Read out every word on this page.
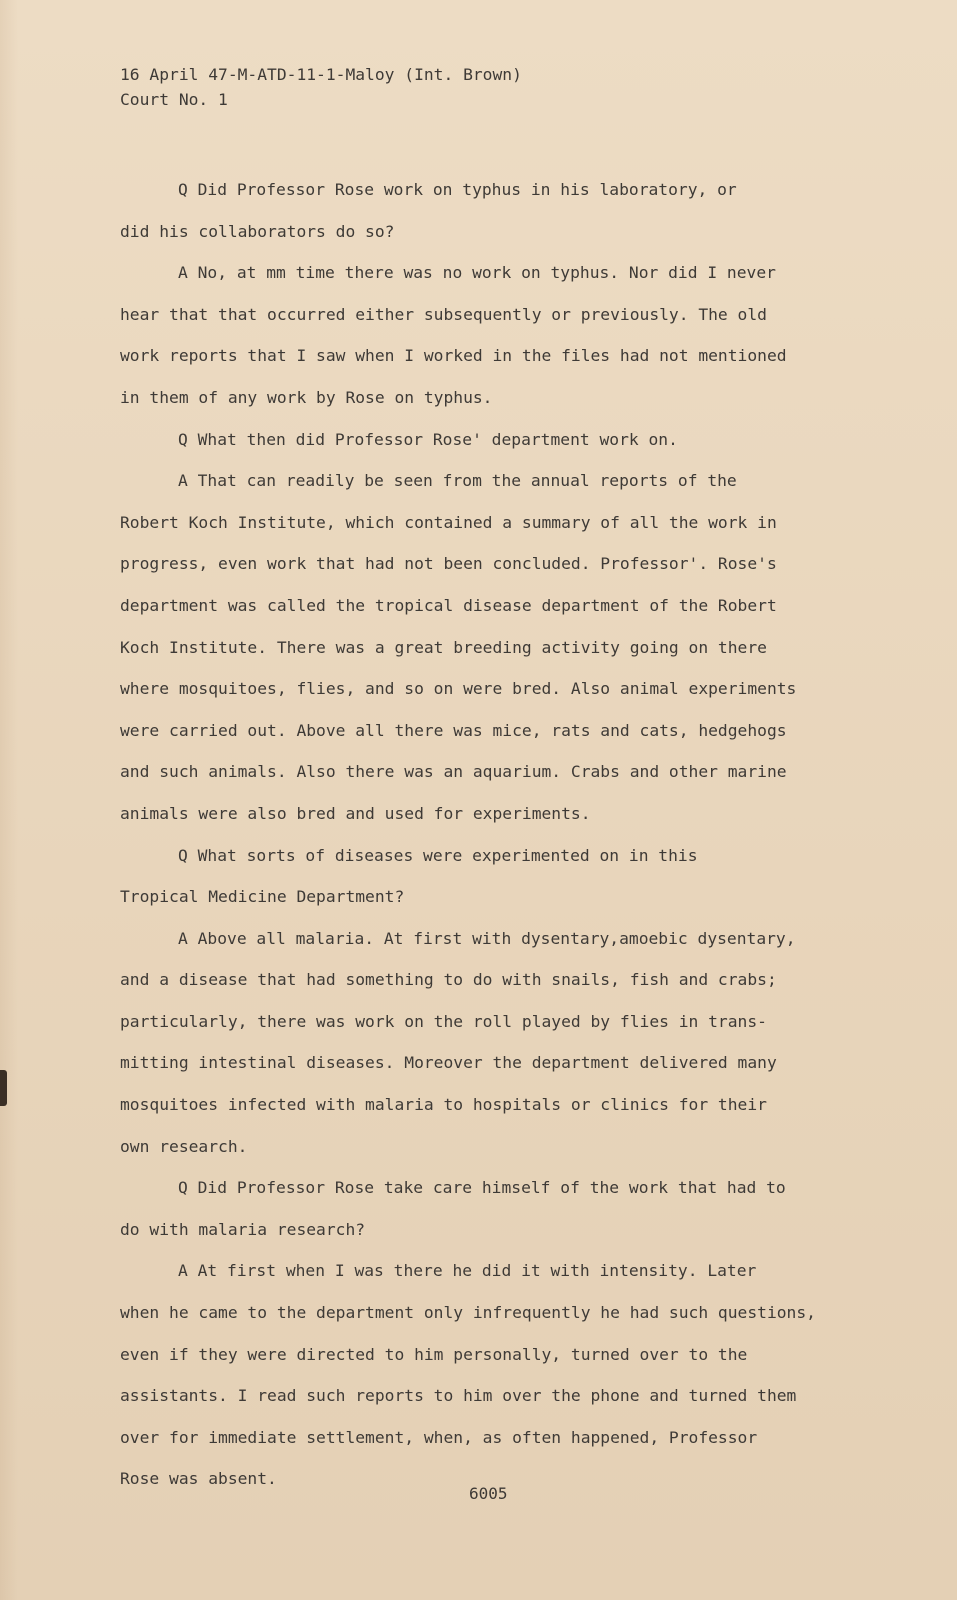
16 April 47-M-ATD-11-1-Maloy (Int. Brown)
Court No. 1

Q Did Professor Rose work on typhus in his laboratory, or
did his collaborators do so?

A No, at mm time there was no work on typhus. Nor did I never
hear that that occurred either subsequently or previously. The old
work reports that I saw when I worked in the files had not mentioned
in them of any work by Rose on typhus.

Q What then did Professor Rose' department work on.

A That can readily be seen from the annual reports of the
Robert Koch Institute, which contained a summary of all the work in
progress, even work that had not been concluded. Professor'. Rose's
department was called the tropical disease department of the Robert
Koch Institute. There was a great breeding activity going on there
where mosquitoes, flies, and so on were bred. Also animal experiments
were carried out. Above all there was mice, rats and cats, hedgehogs
and such animals. Also there was an aquarium. Crabs and other marine
animals were also bred and used for experiments.

Q What sorts of diseases were experimented on in this
Tropical Medicine Department?

A Above all malaria. At first with dysentary,amoebic dysentary,
and a disease that had something to do with snails, fish and crabs;
particularly, there was work on the roll played by flies in trans-
mitting intestinal diseases. Moreover the department delivered many
mosquitoes infected with malaria to hospitals or clinics for their
own research.

Q Did Professor Rose take care himself of the work that had to
do with malaria research?

A At first when I was there he did it with intensity. Later
when he came to the department only infrequently he had such questions,
even if they were directed to him personally, turned over to the
assistants. I read such reports to him over the phone and turned them
over for immediate settlement, when, as often happened, Professor
Rose was absent.

6005
